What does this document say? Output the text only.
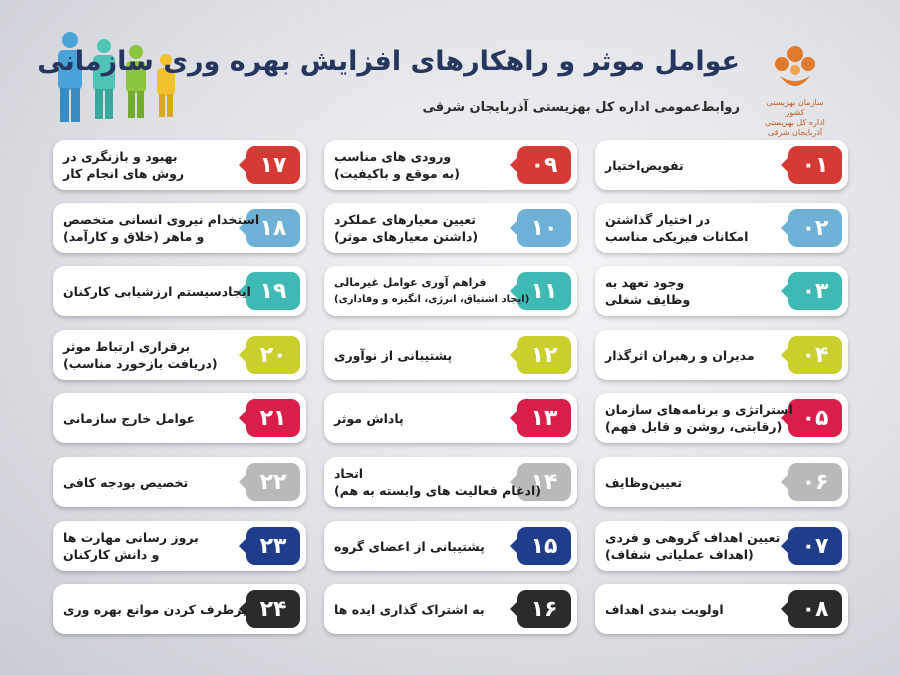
عوامل موثر و راهکارهای افزایش بهره وری سازمانی
روابط‌عمومی اداره کل بهزیستی آذربایجان شرقی	سازمان بهزیستی کشور
اداره کل بهزیستی آذربایجان شرقی
۰۱
تفویض‌اختیار
۰۲
در اختیار گذاشتن
امکانات فیزیکی مناسب
۰۳
وجود تعهد به
وظایف شغلی
۰۴
مدیران و رهبران اثرگذار
۰۵
استراتژی و برنامه‌های سازمان
(رقابتی، روشن و قابل فهم)
۰۶
تعیین‌وظایف
۰۷
تعیین اهداف گروهی و فردی
(اهداف عملیاتی شفاف)
۰۸
اولویت بندی اهداف
۰۹
ورودی های مناسب
(به موقع و باکیفیت)
۱۰
تعیین معیارهای عملکرد
(داشتن معیارهای موثر)
۱۱
فراهم آوری عوامل غیرمالی
(ایجاد اشتیاق، انرژی، انگیزه و وفاداری)
۱۲
پشتیبانی از نوآوری
۱۳
پاداش موثر
۱۴
اتحاد
(ادغام فعالیت های وابسته به هم)
۱۵
پشتیبانی از اعضای گروه
۱۶
به اشتراک گذاری ایده ها
۱۷
بهبود و بازنگری در
روش های انجام کار
۱۸
استخدام نیروی انسانی متخصص
و ماهر (خلاق و کارآمد)
۱۹
ایجادسیستم ارزشیابی کارکنان
۲۰
برقراری ارتباط موثر
(دریافت بازخورد مناسب)
۲۱
عوامل خارج سازمانی
۲۲
تخصیص بودجه کافی
۲۳
بروز رسانی مهارت ها
و دانش کارکنان
۲۴
برطرف کردن موانع بهره وری
